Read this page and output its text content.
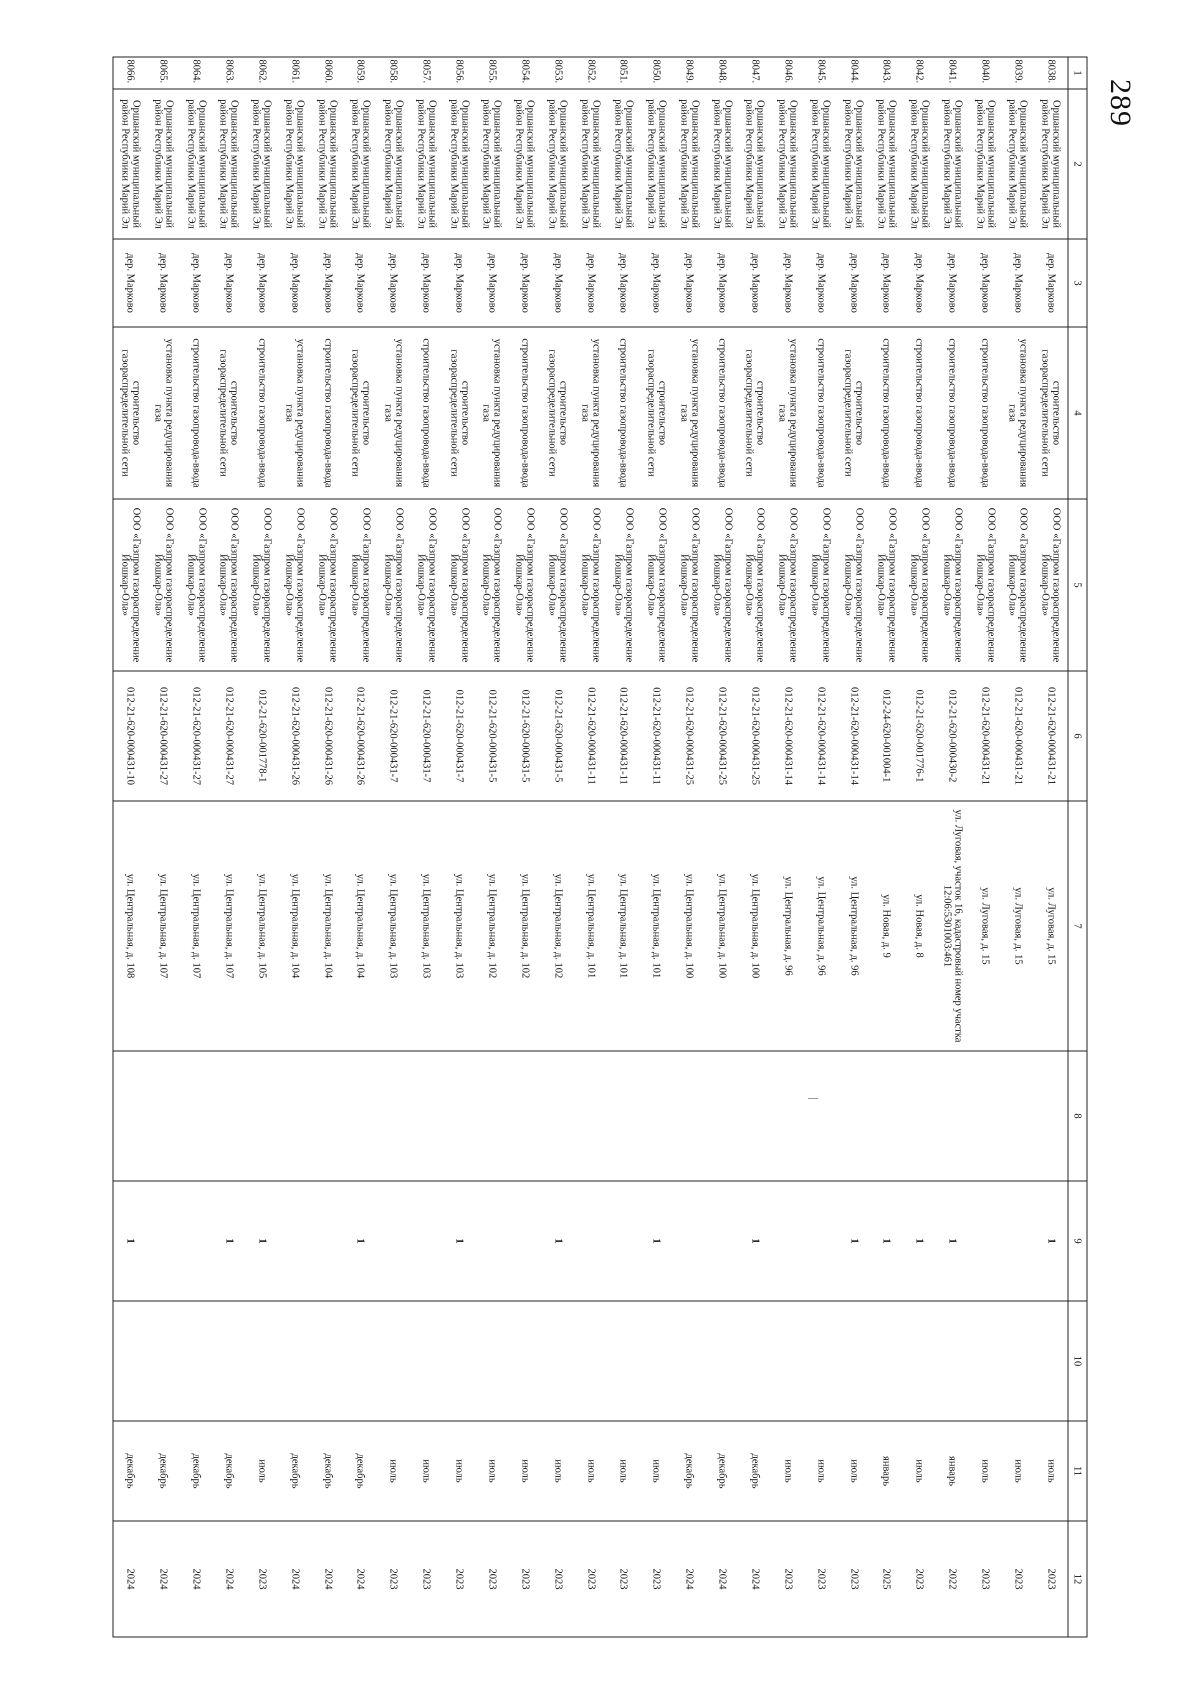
289
1	2	3	4	5	6	7	8	9	10	11	12
8038.	Оршанский муниципальный район Республики Марий Эл	дер. Марково	строительство газораспределительной сети	ООО «Газпром газораспределение Йошкар-Ола»	012-21-620-000431-21	ул. Луговая, д. 15		1		июль	2023
8039.	Оршанский муниципальный район Республики Марий Эл	дер. Марково	установка пункта редуцирования газа	ООО «Газпром газораспределение Йошкар-Ола»	012-21-620-000431-21	ул. Луговая, д. 15				июль	2023
8040.	Оршанский муниципальный район Республики Марий Эл	дер. Марково	строительство газопровода-ввода	ООО «Газпром газораспределение Йошкар-Ола»	012-21-620-000431-21	ул. Луговая, д. 15				июль	2023
8041.	Оршанский муниципальный район Республики Марий Эл	дер. Марково	строительство газопровода-ввода	ООО «Газпром газораспределение Йошкар-Ола»	012-21-620-000430-2	ул. Луговая, участок 16, кадастровый номер участка 12:06:5301003:461		1		январь	2022
8042.	Оршанский муниципальный район Республики Марий Эл	дер. Марково	строительство газопровода-ввода	ООО «Газпром газораспределение Йошкар-Ола»	012-21-620-001776-1	ул. Новая, д. 8		1		июль	2023
8043.	Оршанский муниципальный район Республики Марий Эл	дер. Марково	строительство газопровода-ввода	ООО «Газпром газораспределение Йошкар-Ола»	012-24-620-001004-1	ул. Новая, д. 9		1		январь	2025
8044.	Оршанский муниципальный район Республики Марий Эл	дер. Марково	строительство газораспределительной сети	ООО «Газпром газораспределение Йошкар-Ола»	012-21-620-000431-14	ул. Центральная, д. 96		1		июль	2023
8045.	Оршанский муниципальный район Республики Марий Эл	дер. Марково	строительство газопровода-ввода	ООО «Газпром газораспределение Йошкар-Ола»	012-21-620-000431-14	ул. Центральная, д. 96				июль	2023
8046.	Оршанский муниципальный район Республики Марий Эл	дер. Марково	установка пункта редуцирования газа	ООО «Газпром газораспределение Йошкар-Ола»	012-21-620-000431-14	ул. Центральная, д. 96				июль	2023
8047.	Оршанский муниципальный район Республики Марий Эл	дер. Марково	строительство газораспределительной сети	ООО «Газпром газораспределение Йошкар-Ола»	012-21-620-000431-25	ул. Центральная, д. 100		1		декабрь	2024
8048.	Оршанский муниципальный район Республики Марий Эл	дер. Марково	строительство газопровода-ввода	ООО «Газпром газораспределение Йошкар-Ола»	012-21-620-000431-25	ул. Центральная, д. 100				декабрь	2024
8049.	Оршанский муниципальный район Республики Марий Эл	дер. Марково	установка пункта редуцирования газа	ООО «Газпром газораспределение Йошкар-Ола»	012-21-620-000431-25	ул. Центральная, д. 100				декабрь	2024
8050.	Оршанский муниципальный район Республики Марий Эл	дер. Марково	строительство газораспределительной сети	ООО «Газпром газораспределение Йошкар-Ола»	012-21-620-000431-11	ул. Центральная, д. 101		1		июль	2023
8051.	Оршанский муниципальный район Республики Марий Эл	дер. Марково	строительство газопровода-ввода	ООО «Газпром газораспределение Йошкар-Ола»	012-21-620-000431-11	ул. Центральная, д. 101				июль	2023
8052.	Оршанский муниципальный район Республики Марий Эл	дер. Марково	установка пункта редуцирования газа	ООО «Газпром газораспределение Йошкар-Ола»	012-21-620-000431-11	ул. Центральная, д. 101				июль	2023
8053.	Оршанский муниципальный район Республики Марий Эл	дер. Марково	строительство газораспределительной сети	ООО «Газпром газораспределение Йошкар-Ола»	012-21-620-000431-5	ул. Центральная, д. 102		1		июль	2023
8054.	Оршанский муниципальный район Республики Марий Эл	дер. Марково	строительство газопровода-ввода	ООО «Газпром газораспределение Йошкар-Ола»	012-21-620-000431-5	ул. Центральная, д. 102				июль	2023
8055.	Оршанский муниципальный район Республики Марий Эл	дер. Марково	установка пункта редуцирования газа	ООО «Газпром газораспределение Йошкар-Ола»	012-21-620-000431-5	ул. Центральная, д. 102				июль	2023
8056.	Оршанский муниципальный район Республики Марий Эл	дер. Марково	строительство газораспределительной сети	ООО «Газпром газораспределение Йошкар-Ола»	012-21-620-000431-7	ул. Центральная, д. 103		1		июль	2023
8057.	Оршанский муниципальный район Республики Марий Эл	дер. Марково	строительство газопровода-ввода	ООО «Газпром газораспределение Йошкар-Ола»	012-21-620-000431-7	ул. Центральная, д. 103				июль	2023
8058.	Оршанский муниципальный район Республики Марий Эл	дер. Марково	установка пункта редуцирования газа	ООО «Газпром газораспределение Йошкар-Ола»	012-21-620-000431-7	ул. Центральная, д. 103				июль	2023
8059.	Оршанский муниципальный район Республики Марий Эл	дер. Марково	строительство газораспределительной сети	ООО «Газпром газораспределение Йошкар-Ола»	012-21-620-000431-26	ул. Центральная, д. 104		1		декабрь	2024
8060.	Оршанский муниципальный район Республики Марий Эл	дер. Марково	строительство газопровода-ввода	ООО «Газпром газораспределение Йошкар-Ола»	012-21-620-000431-26	ул. Центральная, д. 104				декабрь	2024
8061.	Оршанский муниципальный район Республики Марий Эл	дер. Марково	установка пункта редуцирования газа	ООО «Газпром газораспределение Йошкар-Ола»	012-21-620-000431-26	ул. Центральная, д. 104				декабрь	2024
8062.	Оршанский муниципальный район Республики Марий Эл	дер. Марково	строительство газопровода-ввода	ООО «Газпром газораспределение Йошкар-Ола»	012-21-620-001778-1	ул. Центральная, д. 105		1		июль	2023
8063.	Оршанский муниципальный район Республики Марий Эл	дер. Марково	строительство газораспределительной сети	ООО «Газпром газораспределение Йошкар-Ола»	012-21-620-000431-27	ул. Центральная, д. 107		1		декабрь	2024
8064.	Оршанский муниципальный район Республики Марий Эл	дер. Марково	строительство газопровода-ввода	ООО «Газпром газораспределение Йошкар-Ола»	012-21-620-000431-27	ул. Центральная, д. 107				декабрь	2024
8065.	Оршанский муниципальный район Республики Марий Эл	дер. Марково	установка пункта редуцирования газа	ООО «Газпром газораспределение Йошкар-Ола»	012-21-620-000431-27	ул. Центральная, д. 107				декабрь	2024
8066.	Оршанский муниципальный район Республики Марий Эл	дер. Марково	строительство газораспределительной сети	ООО «Газпром газораспределение Йошкар-Ола»	012-21-620-000431-10	ул. Центральная, д. 108		1		декабрь	2024
